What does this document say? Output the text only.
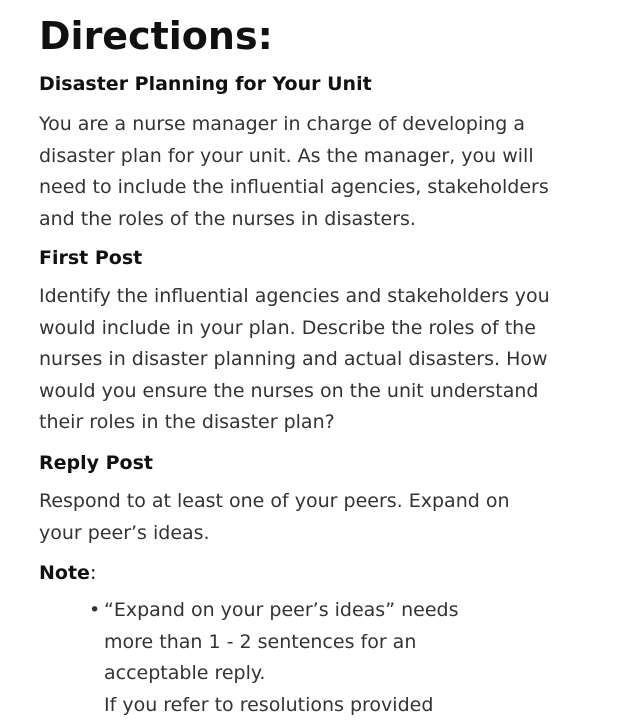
Directions:
Disaster Planning for Your Unit
You are a nurse manager in charge of developing a
disaster plan for your unit. As the manager, you will
need to include the influential agencies, stakeholders
and the roles of the nurses in disasters.
First Post
Identify the influential agencies and stakeholders you
would include in your plan. Describe the roles of the
nurses in disaster planning and actual disasters. How
would you ensure the nurses on the unit understand
their roles in the disaster plan?
Reply Post
Respond to at least one of your peers. Expand on
your peer’s ideas.

Note:

• “Expand on your peer’s ideas” needs
more than 1 - 2 sentences for an
acceptable reply.
If you refer to resolutions provided
